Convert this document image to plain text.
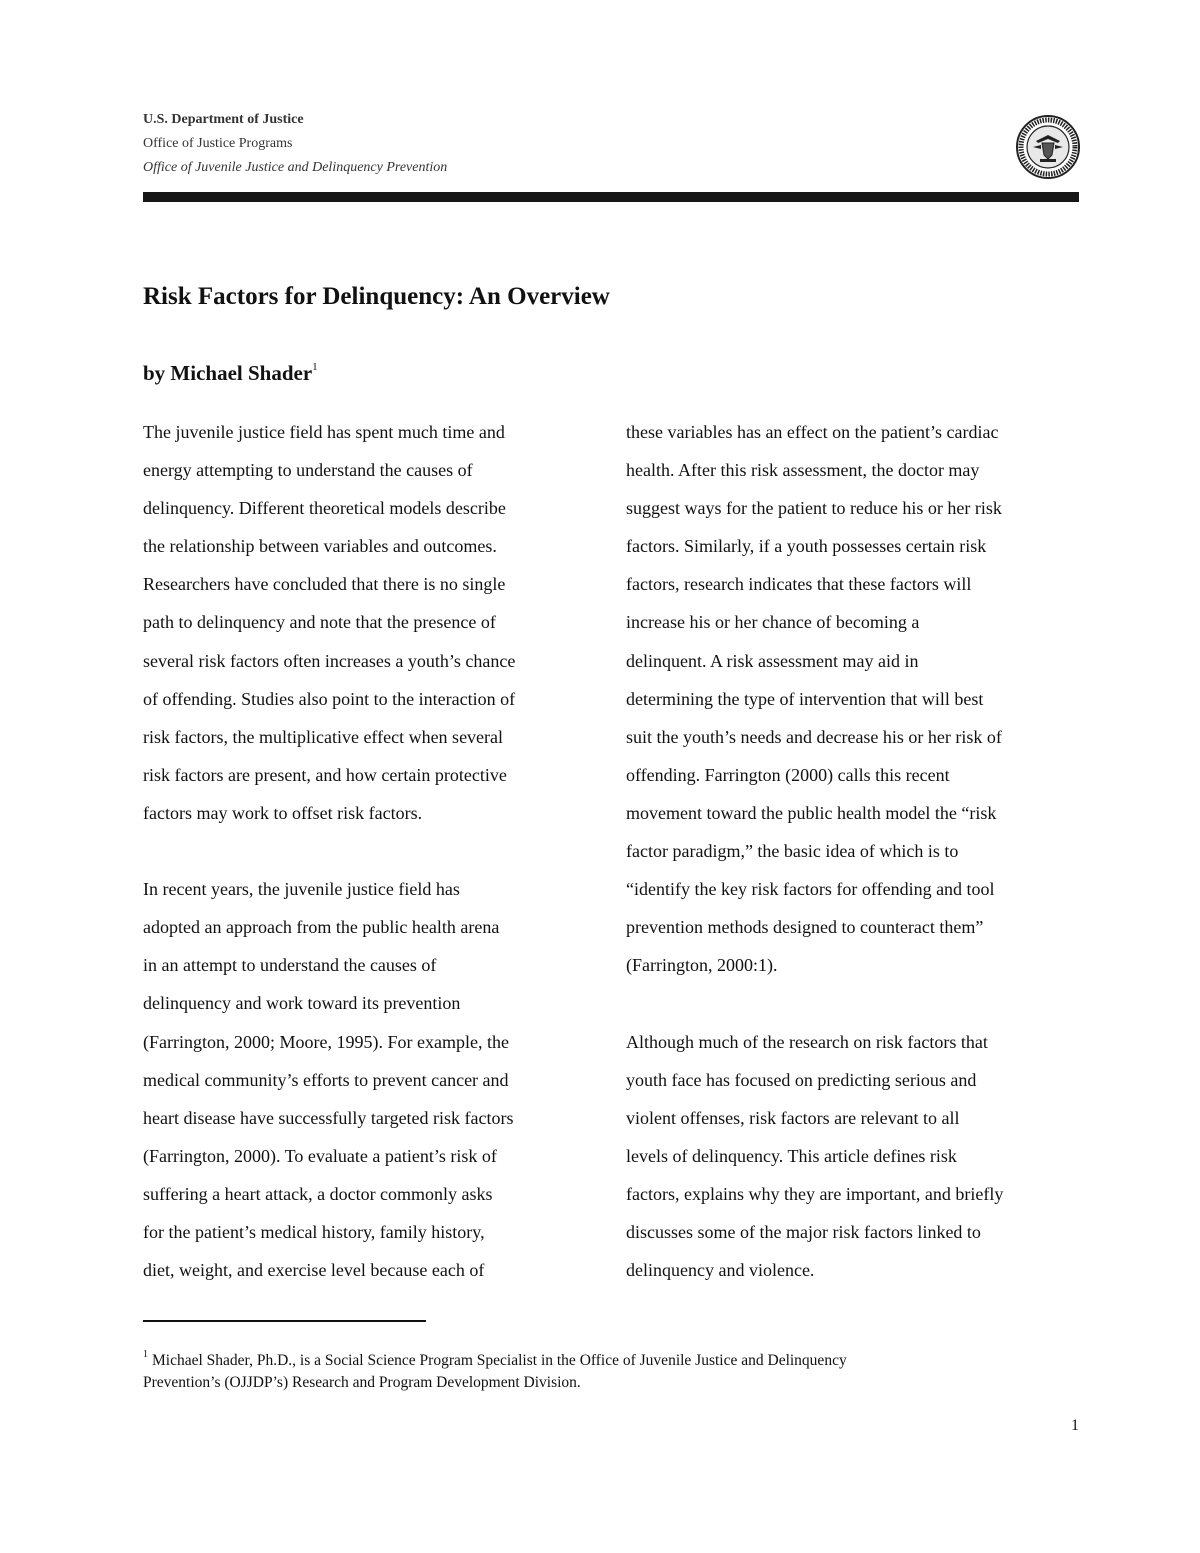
U.S. Department of Justice
Office of Justice Programs
Office of Juvenile Justice and Delinquency Prevention
Risk Factors for Delinquency: An Overview
by Michael Shader$^1$

The juvenile justice field has spent much time and
energy attempting to understand the causes of
delinquency. Different theoretical models describe
the relationship between variables and outcomes.
Researchers have concluded that there is no single
path to delinquency and note that the presence of
several risk factors often increases a youth’s chance
of offending. Studies also point to the interaction of
risk factors, the multiplicative effect when several
risk factors are present, and how certain protective
factors may work to offset risk factors.

In recent years, the juvenile justice field has
adopted an approach from the public health arena
in an attempt to understand the causes of
delinquency and work toward its prevention
(Farrington, 2000; Moore, 1995). For example, the
medical community’s efforts to prevent cancer and
heart disease have successfully targeted risk factors
(Farrington, 2000). To evaluate a patient’s risk of
suffering a heart attack, a doctor commonly asks
for the patient’s medical history, family history,
diet, weight, and exercise level because each of

these variables has an effect on the patient’s cardiac
health. After this risk assessment, the doctor may
suggest ways for the patient to reduce his or her risk
factors. Similarly, if a youth possesses certain risk
factors, research indicates that these factors will
increase his or her chance of becoming a
delinquent. A risk assessment may aid in
determining the type of intervention that will best
suit the youth’s needs and decrease his or her risk of
offending. Farrington (2000) calls this recent
movement toward the public health model the “risk
factor paradigm,” the basic idea of which is to
“identify the key risk factors for offending and tool
prevention methods designed to counteract them”
(Farrington, 2000:1).

Although much of the research on risk factors that
youth face has focused on predicting serious and
violent offenses, risk factors are relevant to all
levels of delinquency. This article defines risk
factors, explains why they are important, and briefly
discusses some of the major risk factors linked to
delinquency and violence.

$^1$ Michael Shader, Ph.D., is a Social Science Program Specialist in the Office of Juvenile Justice and Delinquency
Prevention’s (OJJDP’s) Research and Program Development Division.
1
